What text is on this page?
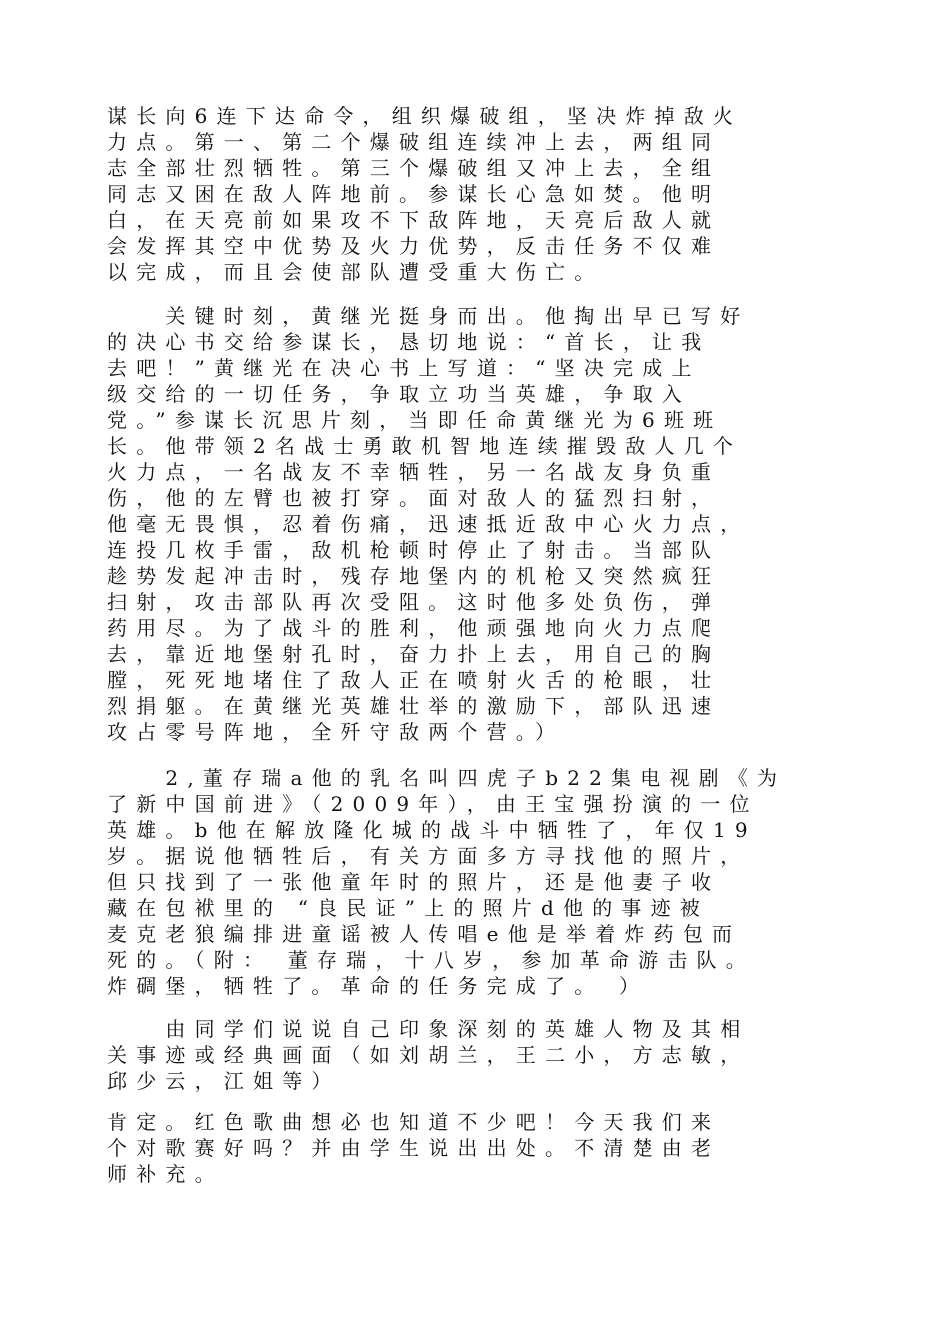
谋长向6连下达命令，组织爆破组，坚决炸掉敌火
力点。第一、第二个爆破组连续冲上去，两组同
志全部壮烈牺牲。第三个爆破组又冲上去，全组
同志又困在敌人阵地前。参谋长心急如焚。他明
白，在天亮前如果攻不下敌阵地，天亮后敌人就
会发挥其空中优势及火力优势，反击任务不仅难
以完成，而且会使部队遭受重大伤亡。
　　关键时刻，黄继光挺身而出。他掏出早已写好
的决心书交给参谋长，恳切地说：“首长，让我
去吧！”黄继光在决心书上写道：“坚决完成上
级交给的一切任务，争取立功当英雄，争取入
党。”参谋长沉思片刻，当即任命黄继光为6班班
长。他带领2名战士勇敢机智地连续摧毁敌人几个
火力点，一名战友不幸牺牲，另一名战友身负重
伤，他的左臂也被打穿。面对敌人的猛烈扫射，
他毫无畏惧，忍着伤痛，迅速抵近敌中心火力点，
连投几枚手雷，敌机枪顿时停止了射击。当部队
趁势发起冲击时，残存地堡内的机枪又突然疯狂
扫射，攻击部队再次受阻。这时他多处负伤，弹
药用尽。为了战斗的胜利，他顽强地向火力点爬
去，靠近地堡射孔时，奋力扑上去，用自己的胸
膛，死死地堵住了敌人正在喷射火舌的枪眼，壮
烈捐躯。在黄继光英雄壮举的激励下，部队迅速
攻占零号阵地，全歼守敌两个营。）
　　2,董存瑞a他的乳名叫四虎子b22集电视剧《为
了新中国前进》（2009年），由王宝强扮演的一位
英雄。b他在解放隆化城的战斗中牺牲了，年仅19
岁。据说他牺牲后，有关方面多方寻找他的照片，
但只找到了一张他童年时的照片，还是他妻子收
藏在包袱里的 “良民证”上的照片d他的事迹被
麦克老狼编排进童谣被人传唱e他是举着炸药包而
死的。（附： 董存瑞，十八岁，参加革命游击队。
炸碉堡，牺牲了。革命的任务完成了。 ）
　　由同学们说说自己印象深刻的英雄人物及其相
关事迹或经典画面（如刘胡兰，王二小，方志敏，
邱少云，江姐等）
肯定。红色歌曲想必也知道不少吧！今天我们来
个对歌赛好吗？并由学生说出出处。不清楚由老
师补充。
